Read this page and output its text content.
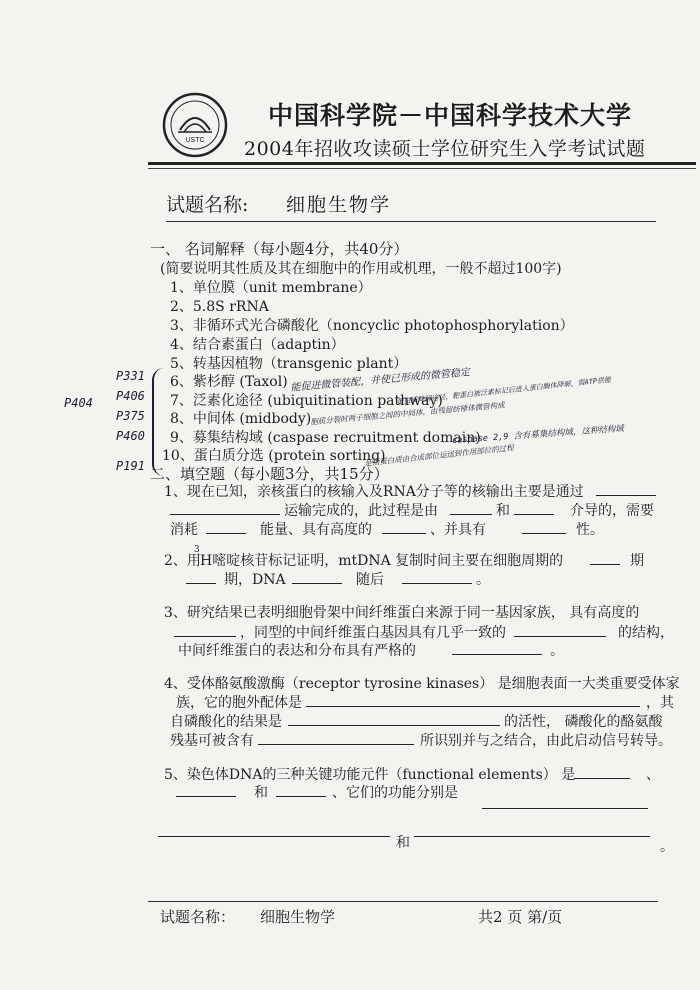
USTC
中国科学院－中国科学技术大学
2004年招收攻读硕士学位研究生入学考试试题
试题名称: 细胞生物学
一、 名词解释（每小题4分，共40分）
(简要说明其性质及其在细胞中的作用或机理，一般不超过100字)
1、单位膜（unit membrane）
2、5.8S rRNA
3、非循环式光合磷酸化（noncyclic photophosphorylation）
4、结合素蛋白（adaptin）
5、转基因植物（transgenic plant）
6、紫杉醇 (Taxol)
7、泛素化途径 (ubiquitination pathway)
8、中间体 (midbody)
9、募集结构域 (caspase recruitment domain)
10、蛋白质分选 (protein sorting)
P331
P406
P375
P460
P191
P404
能促进微管装配，并使已形成的微管稳定
蛋白质降解途径，靶蛋白被泛素标记后进入蛋白酶体降解，需ATP供能
胞质分裂时两子细胞之间的中间体，由残留纺锤体微管构成
caspase 2,9 含有募集结构域，这种结构域
是指蛋白质由合成部位运送到作用部位的过程
二、填空题（每小题3分，共15分）
1、现在已知，亲核蛋白的核输入及RNA分子等的核输出主要是通过
运输完成的，此过程是由	和	介导的，需要
消耗	能量、具有高度的	、并具有	性。
2、用
3
H嘧啶核苷标记证明，mtDNA 复制时间主要在细胞周期的	期
期，DNA	随后	。
3、研究结果已表明细胞骨架中间纤维蛋白来源于同一基因家族， 具有高度的
，同型的中间纤维蛋白基因具有几乎一致的	的结构，
中间纤维蛋白的表达和分布具有严格的	。
4、受体酪氨酸激酶（receptor tyrosine kinases） 是细胞表面一大类重要受体家
族，它的胞外配体是	，其
自磷酸化的结果是	的活性， 磷酸化的酪氨酸
残基可被含有	所识别并与之结合，由此启动信号转导。
5、染色体DNA的三种关键功能元件（functional elements） 是	、
和	、它们的功能分别是
和	。
试题名称： 细胞生物学	共2 页 第/页
